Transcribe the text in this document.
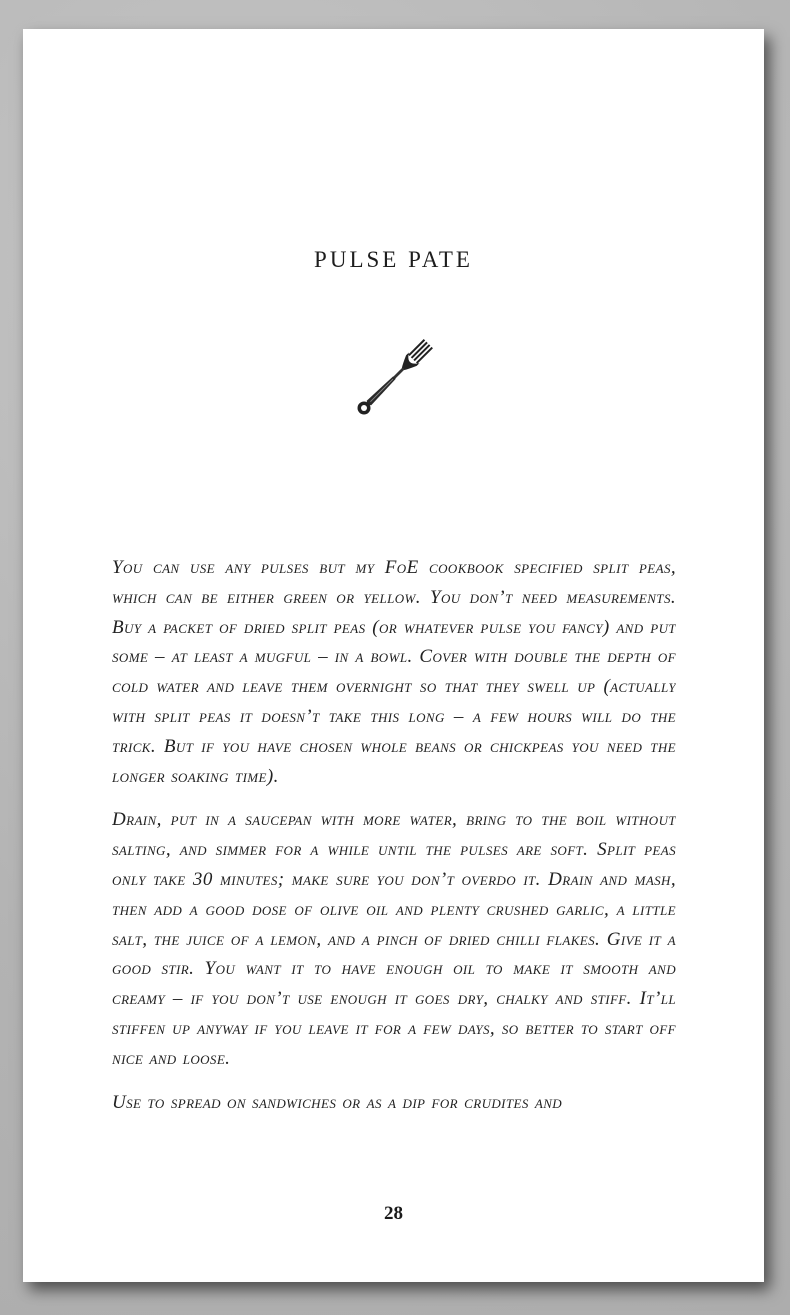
PULSE PATE

You can use any pulses but my FoE cookbook specified split peas, which can be either green or yellow. You don’t need measurements. Buy a packet of dried split peas (or whatever pulse you fancy) and put some – at least a mugful – in a bowl. Cover with double the depth of cold water and leave them overnight so that they swell up (actually with split peas it doesn’t take this long – a few hours will do the trick. But if you have chosen whole beans or chickpeas you need the longer soaking time).

Drain, put in a saucepan with more water, bring to the boil without salting, and simmer for a while until the pulses are soft. Split peas only take 30 minutes; make sure you don’t overdo it. Drain and mash, then add a good dose of olive oil and plenty crushed garlic, a little salt, the juice of a lemon, and a pinch of dried chilli flakes. Give it a good stir. You want it to have enough oil to make it smooth and creamy – if you don’t use enough it goes dry, chalky and stiff. It’ll stiffen up anyway if you leave it for a few days, so better to start off nice and loose.

Use to spread on sandwiches or as a dip for crudites and

28
